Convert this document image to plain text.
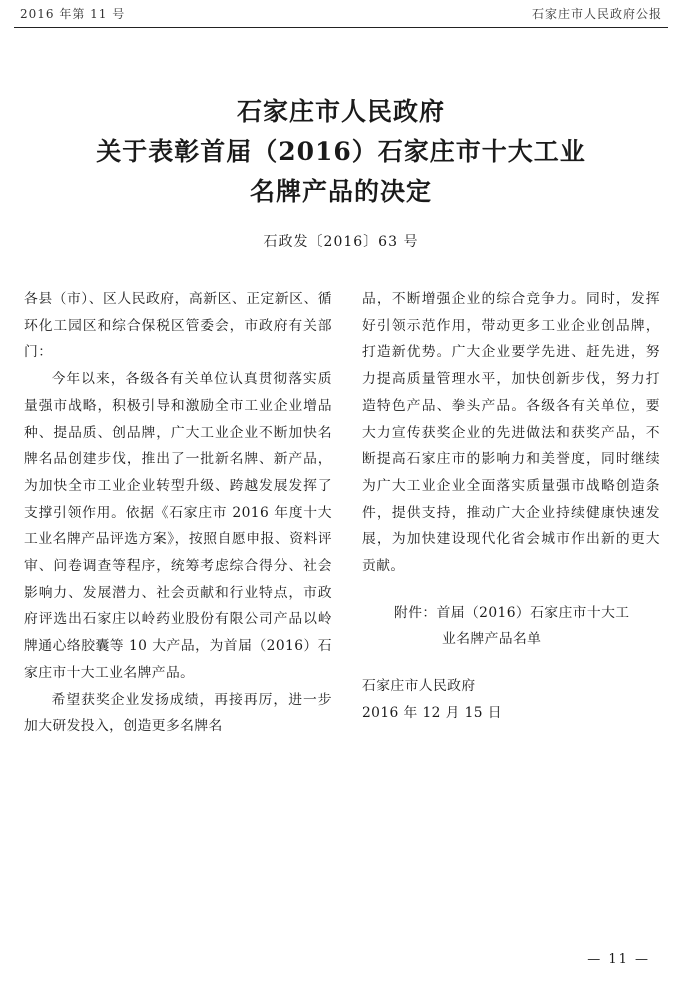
2016 年第 11 号	石家庄市人民政府公报
石家庄市人民政府
关于表彰首届（2016）石家庄市十大工业
名牌产品的决定
石政发〔2016〕63 号

各县（市）、区人民政府，高新区、正定新区、循环化工园区和综合保税区管委会，市政府有关部门：

今年以来，各级各有关单位认真贯彻落实质量强市战略，积极引导和激励全市工业企业增品种、提品质、创品牌，广大工业企业不断加快名牌名品创建步伐，推出了一批新名牌、新产品，为加快全市工业企业转型升级、跨越发展发挥了支撑引领作用。依据《石家庄市 2016 年度十大工业名牌产品评选方案》，按照自愿申报、资料评审、问卷调查等程序，统筹考虑综合得分、社会影响力、发展潜力、社会贡献和行业特点，市政府评选出石家庄以岭药业股份有限公司产品以岭牌通心络胶囊等 10 大产品，为首届（2016）石家庄市十大工业名牌产品。

希望获奖企业发扬成绩，再接再厉，进一步加大研发投入，创造更多名牌名

品，不断增强企业的综合竞争力。同时，发挥好引领示范作用，带动更多工业企业创品牌，打造新优势。广大企业要学先进、赶先进，努力提高质量管理水平，加快创新步伐，努力打造特色产品、拳头产品。各级各有关单位，要大力宣传获奖企业的先进做法和获奖产品，不断提高石家庄市的影响力和美誉度，同时继续为广大工业企业全面落实质量强市战略创造条件，提供支持，推动广大企业持续健康快速发展，为加快建设现代化省会城市作出新的更大贡献。

附件：首届（2016）石家庄市十大工
业名牌产品名单

石家庄市人民政府

2016 年 12 月 15 日

— 11 —
